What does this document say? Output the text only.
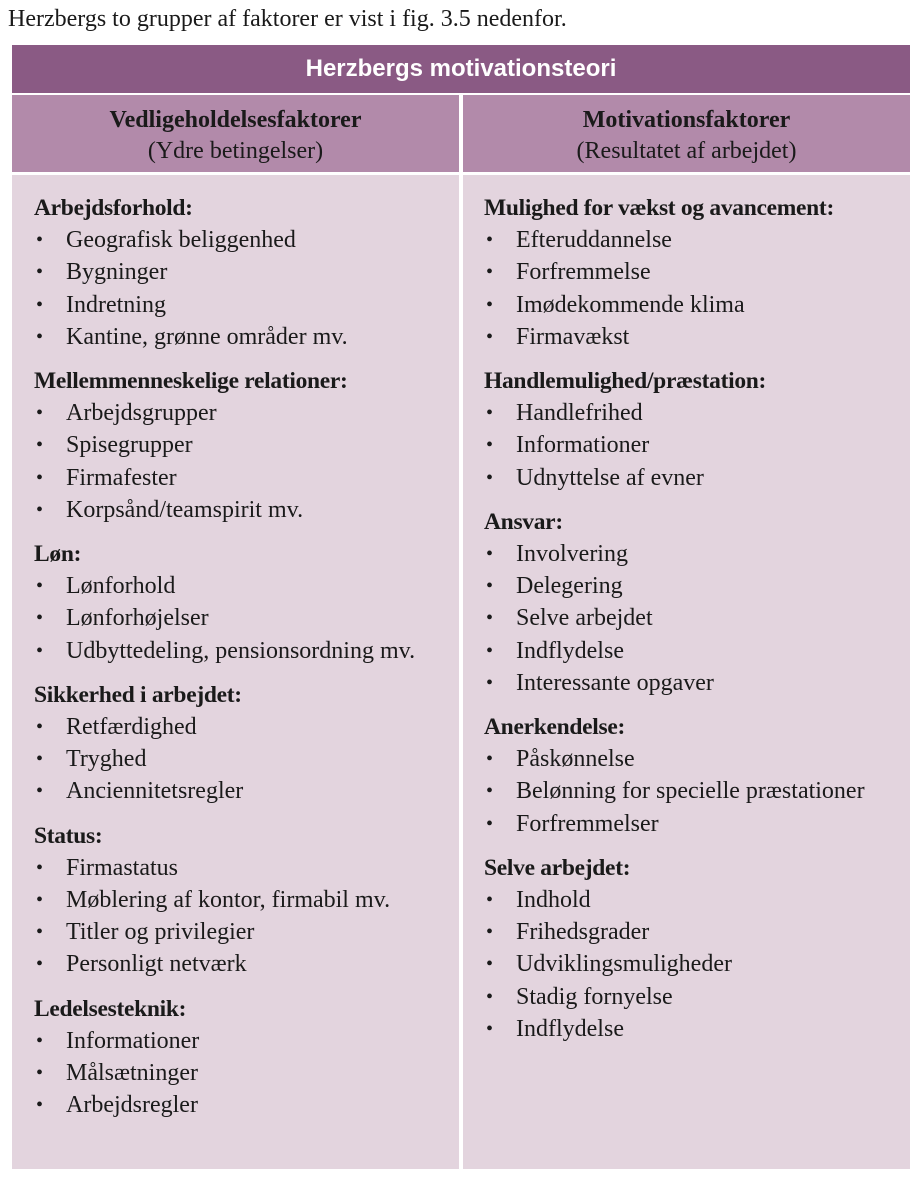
Herzbergs to grupper af faktorer er vist i fig. 3.5 nedenfor.
Herzbergs motivationsteori
Vedligeholdelsesfaktorer
(Ydre betingelser)
Motivationsfaktorer
(Resultatet af arbejdet)
Arbejdsforhold:
• Geografisk beliggenhed
• Bygninger
• Indretning
• Kantine, grønne områder mv.
Mellemmenneskelige relationer:
• Arbejdsgrupper
• Spisegrupper
• Firmafester
• Korpsånd/teamspirit mv.
Løn:
• Lønforhold
• Lønforhøjelser
• Udbyttedeling, pensionsordning mv.
Sikkerhed i arbejdet:
• Retfærdighed
• Tryghed
• Anciennitetsregler
Status:
• Firmastatus
• Møblering af kontor, firmabil mv.
• Titler og privilegier
• Personligt netværk
Ledelsesteknik:
• Informationer
• Målsætninger
• Arbejdsregler
Mulighed for vækst og avancement:
• Efteruddannelse
• Forfremmelse
• Imødekommende klima
• Firmavækst
Handlemulighed/præstation:
• Handlefrihed
• Informationer
• Udnyttelse af evner
Ansvar:
• Involvering
• Delegering
• Selve arbejdet
• Indflydelse
• Interessante opgaver
Anerkendelse:
• Påskønnelse
• Belønning for specielle præstationer
• Forfremmelser
Selve arbejdet:
• Indhold
• Frihedsgrader
• Udviklingsmuligheder
• Stadig fornyelse
• Indflydelse
